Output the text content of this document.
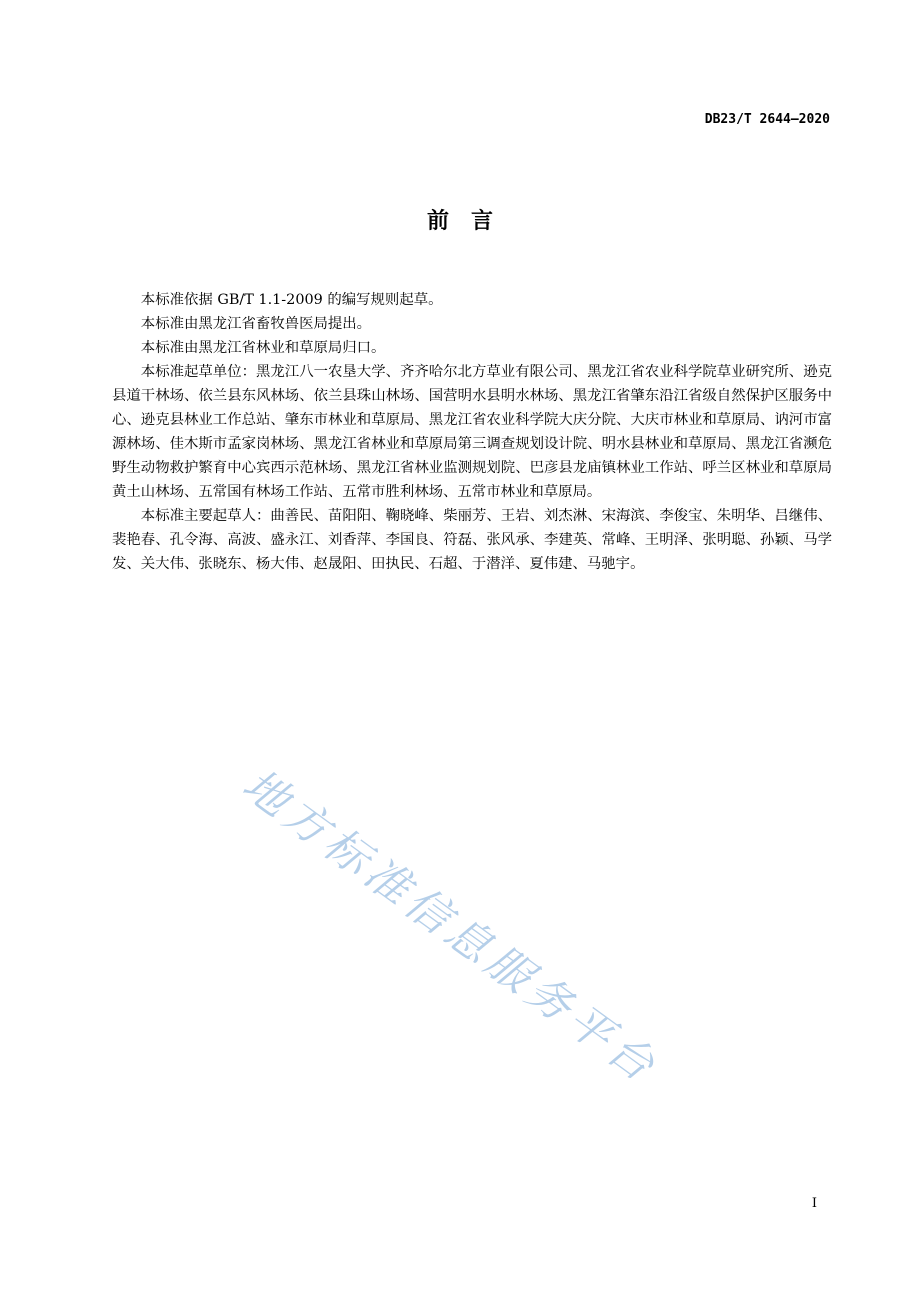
DB23/T 2644—2020
前　言

本标准依据 GB/T 1.1-2009 的编写规则起草。

本标准由黑龙江省畜牧兽医局提出。

本标准由黑龙江省林业和草原局归口。

本标准起草单位：黑龙江八一农垦大学、齐齐哈尔北方草业有限公司、黑龙江省农业科学院草业研究所、逊克县道干林场、依兰县东风林场、依兰县珠山林场、国营明水县明水林场、黑龙江省肇东沿江省级自然保护区服务中心、逊克县林业工作总站、肇东市林业和草原局、黑龙江省农业科学院大庆分院、大庆市林业和草原局、讷河市富源林场、佳木斯市孟家岗林场、黑龙江省林业和草原局第三调查规划设计院、明水县林业和草原局、黑龙江省濒危野生动物救护繁育中心宾西示范林场、黑龙江省林业监测规划院、巴彦县龙庙镇林业工作站、呼兰区林业和草原局黄土山林场、五常国有林场工作站、五常市胜利林场、五常市林业和草原局。

本标准主要起草人：曲善民、苗阳阳、鞠晓峰、柴丽芳、王岩、刘杰淋、宋海滨、李俊宝、朱明华、吕继伟、裴艳春、孔令海、高波、盛永江、刘香萍、李国良、符磊、张风承、李建英、常峰、王明泽、张明聪、孙颖、马学发、关大伟、张晓东、杨大伟、赵晟阳、田执民、石超、于潜洋、夏伟建、马驰宇。

地方标准信息服务平台
I
